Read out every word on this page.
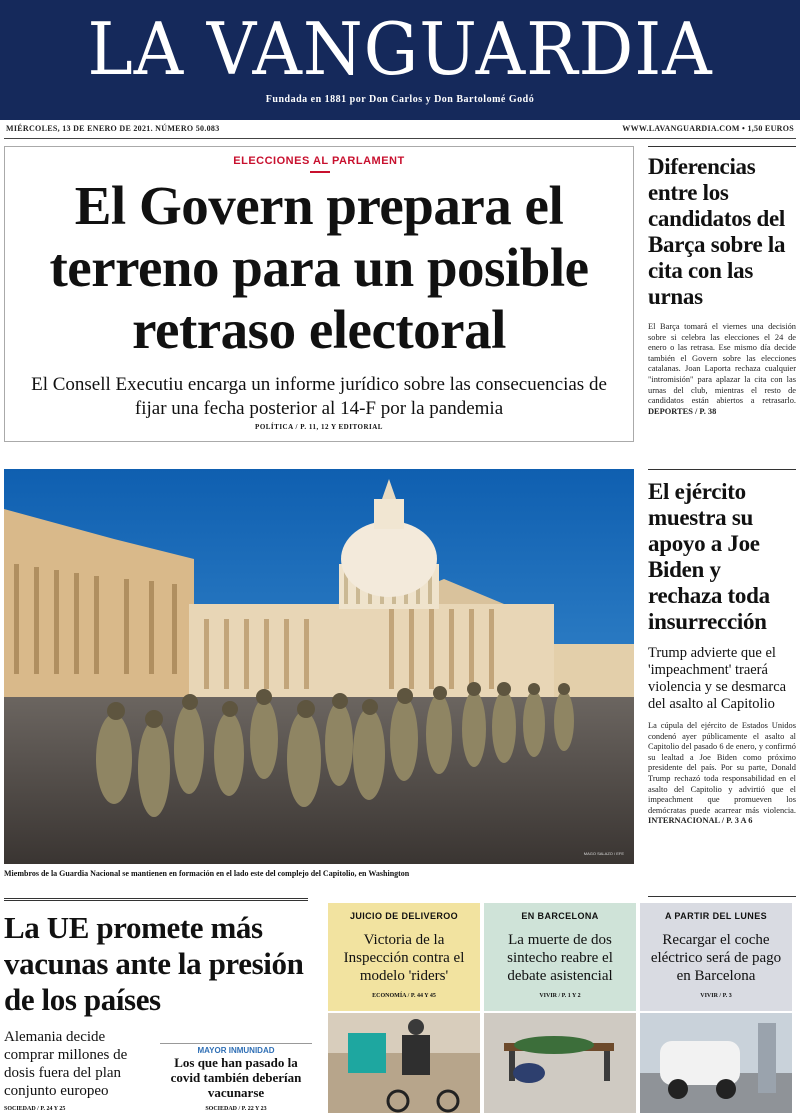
LA VANGUARDIA
Fundada en 1881 por Don Carlos y Don Bartolomé Godó
MIÉRCOLES, 13 DE ENERO DE 2021. NÚMERO 50.083	WWW.LAVANGUARDIA.COM • 1,50 EUROS
ELECCIONES AL PARLAMENT
El Govern prepara el terreno para un posible retraso electoral

El Consell Executiu encarga un informe jurídico sobre las consecuencias de fijar una fecha posterior al 14-F por la pandemia

POLÍTICA / P. 11, 12 Y EDITORIAL
Diferencias entre los candidatos del Barça sobre la cita con las urnas

El Barça tomará el viernes una decisión sobre si celebra las elecciones el 24 de enero o las retrasa. Ese mismo día decide también el Govern sobre las elecciones catalanas. Joan Laporta rechaza cualquier "intromisión" para aplazar la cita con las urnas del club, mientras el resto de candidatos están abiertos a retrasarlo. DEPORTES / P. 38

El ejército muestra su apoyo a Joe Biden y rechaza toda insurrección

Trump advierte que el 'impeachment' traerá violencia y se desmarca del asalto al Capitolio

La cúpula del ejército de Estados Unidos condenó ayer públicamente el asalto al Capitolio del pasado 6 de enero, y confirmó su lealtad a Joe Biden como próximo presidente del país. Por su parte, Donald Trump rechazó toda responsabilidad en el asalto del Capitolio y advirtió que el impeachment que promueven los demócratas puede acarrear más violencia. INTERNACIONAL / P. 3 A 6

MAGO SALAZO / EFE
Miembros de la Guardia Nacional se mantienen en formación en el lado este del complejo del Capitolio, en Washington
La UE promete más vacunas ante la presión de los países

Alemania decide comprar millones de dosis fuera del plan conjunto europeo

SOCIEDAD / P. 24 Y 25
MAYOR INMUNIDAD
Los que han pasado la covid también deberían vacunarse
SOCIEDAD / P. 22 Y 23
JUICIO DE DELIVEROO
Victoria de la Inspección contra el modelo 'riders'
ECONOMÍA / P. 44 Y 45
EN BARCELONA
La muerte de dos sintecho reabre el debate asistencial
VIVIR / P. 1 Y 2
A PARTIR DEL LUNES
Recargar el coche eléctrico será de pago en Barcelona
VIVIR / P. 3
